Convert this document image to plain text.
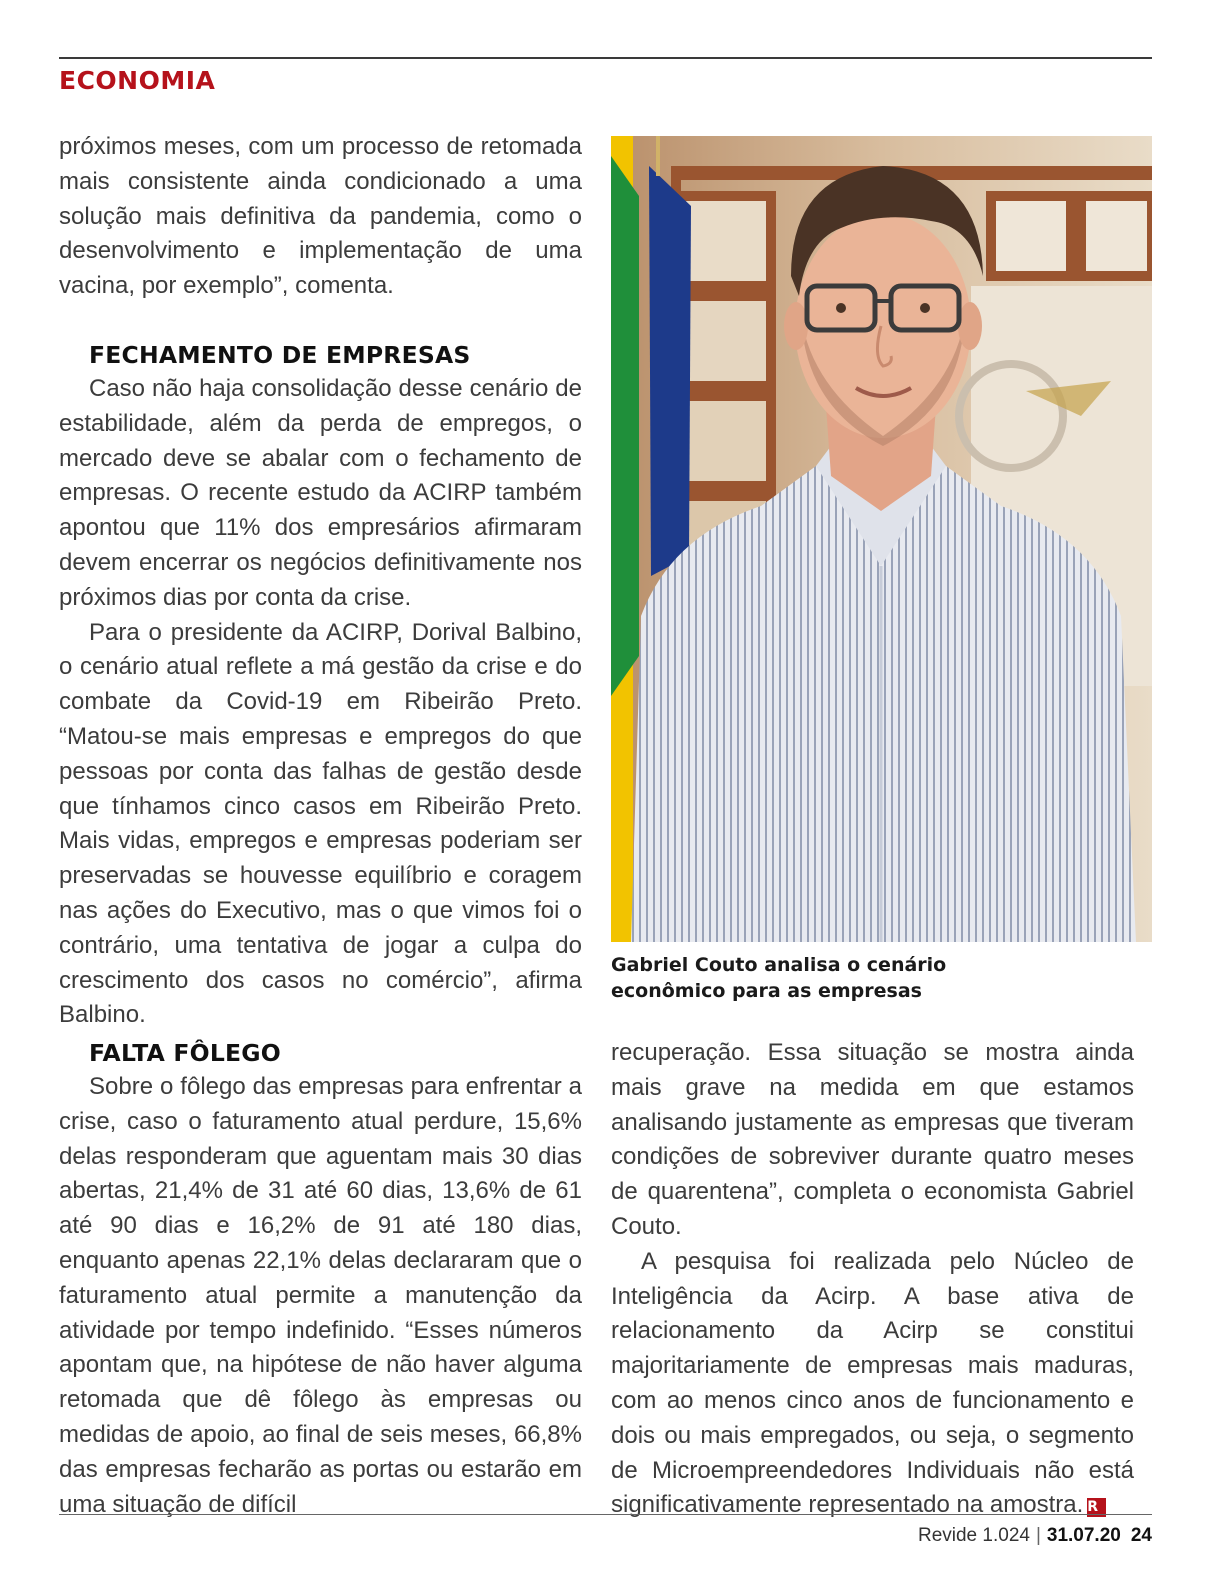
ECONOMIA

próximos meses, com um processo de retomada mais consistente ainda condicionado a uma solução mais definitiva da pandemia, como o desenvolvimento e implementação de uma vacina, por exemplo”, comenta.

FECHAMENTO DE EMPRESAS

Caso não haja consolidação desse cenário de estabilidade, além da perda de empregos, o mercado deve se abalar com o fechamento de empresas. O recente estudo da ACIRP também apontou que 11% dos empresários afirmaram devem encerrar os negócios definitivamente nos próximos dias por conta da crise.

Para o presidente da ACIRP, Dorival Balbino, o cenário atual reflete a má gestão da crise e do combate da Covid-19 em Ribeirão Preto. “Matou-se mais empresas e empregos do que pessoas por conta das falhas de gestão desde que tínhamos cinco casos em Ribeirão Preto. Mais vidas, empregos e empresas poderiam ser preservadas se houvesse equilíbrio e coragem nas ações do Executivo, mas o que vimos foi o contrário, uma tentativa de jogar a culpa do crescimento dos casos no comércio”, afirma Balbino.

FALTA FÔLEGO

Sobre o fôlego das empresas para enfrentar a crise, caso o faturamento atual perdure, 15,6% delas responderam que aguentam mais 30 dias abertas, 21,4% de 31 até 60 dias, 13,6% de 61 até 90 dias e 16,2% de 91 até 180 dias, enquanto apenas 22,1% delas declararam que o faturamento atual permite a manutenção da atividade por tempo indefinido. “Esses números apontam que, na hipótese de não haver alguma retomada que dê fôlego às empresas ou medidas de apoio, ao final de seis meses, 66,8% das empresas fecharão as portas ou estarão em uma situação de difícil

Gabriel Couto analisa o cenário
econômico para as empresas

recuperação. Essa situação se mostra ainda mais grave na medida em que estamos analisando justamente as empresas que tiveram condições de sobreviver durante quatro meses de quarentena”, completa o economista Gabriel Couto.

A pesquisa foi realizada pelo Núcleo de Inteligência da Acirp. A base ativa de relacionamento da Acirp se constitui majoritariamente de empresas mais maduras, com ao menos cinco anos de funcionamento e dois ou mais empregados, ou seja, o segmento de Microempreendedores Individuais não está significativamente representado na amostra. R

Revide 1.024 | 31.07.20 24
